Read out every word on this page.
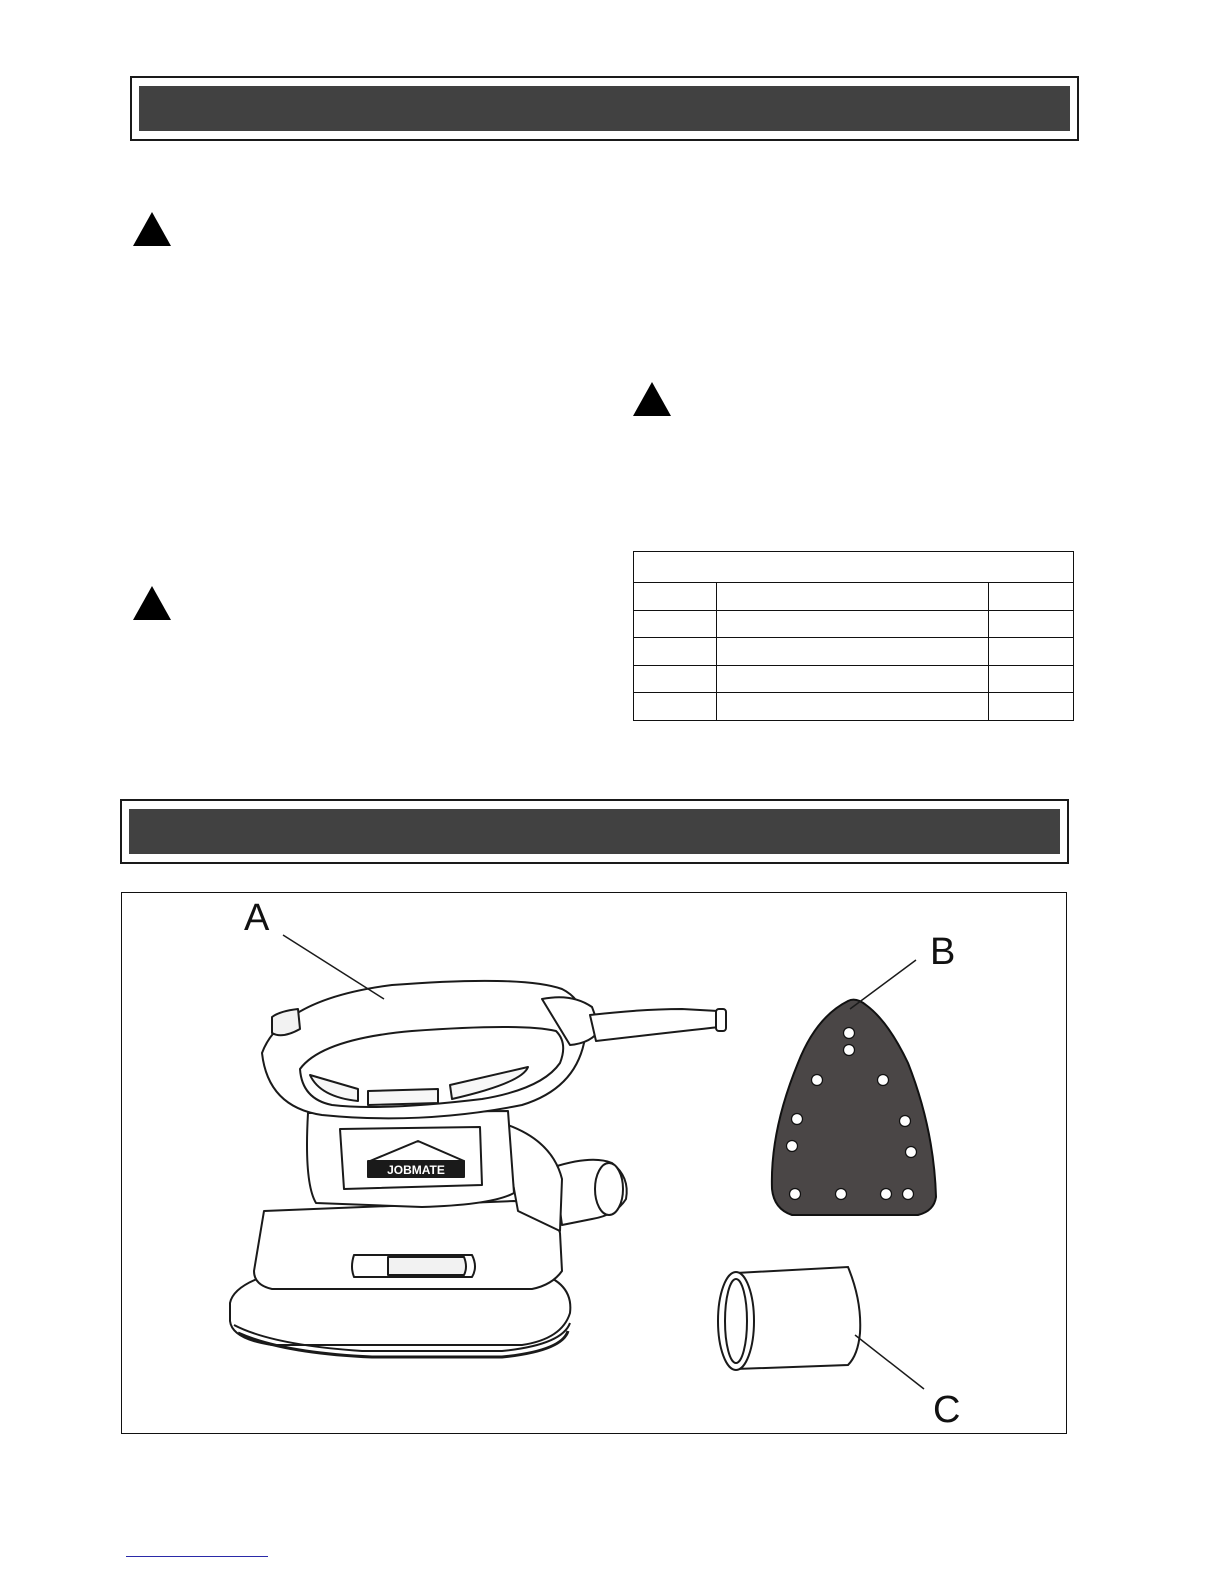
JOBMATE
A
B
C
